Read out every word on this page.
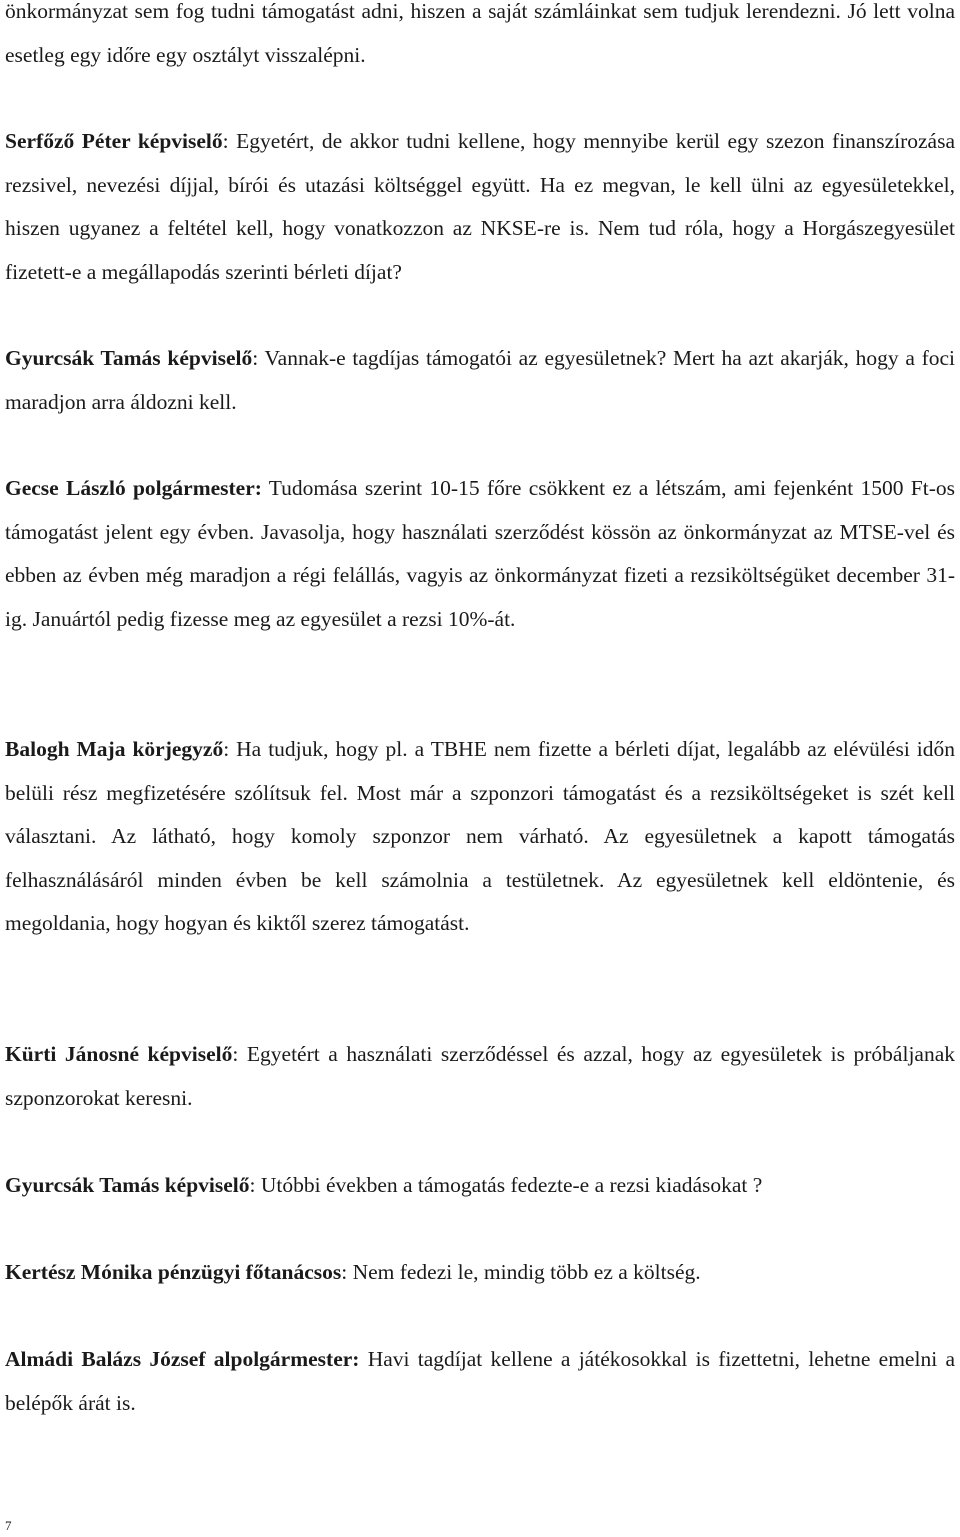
önkormányzat sem fog tudni támogatást adni, hiszen a saját számláinkat sem tudjuk lerendezni. Jó lett volna esetleg egy időre egy osztályt visszalépni.

Serfőző Péter képviselő: Egyetért, de akkor tudni kellene, hogy mennyibe kerül egy szezon finanszírozása rezsivel, nevezési díjjal, bírói és utazási költséggel együtt. Ha ez megvan, le kell ülni az egyesületekkel, hiszen ugyanez a feltétel kell, hogy vonatkozzon az NKSE-re is. Nem tud róla, hogy a Horgászegyesület fizetett-e a megállapodás szerinti bérleti díjat?

Gyurcsák Tamás képviselő: Vannak-e tagdíjas támogatói az egyesületnek? Mert ha azt akarják, hogy a foci maradjon arra áldozni kell.

Gecse László polgármester: Tudomása szerint 10-15 főre csökkent ez a létszám, ami fejenként 1500 Ft-os támogatást jelent egy évben. Javasolja, hogy használati szerződést kössön az önkormányzat az MTSE-vel és ebben az évben még maradjon a régi felállás, vagyis az önkormányzat fizeti a rezsiköltségüket december 31-ig. Januártól pedig fizesse meg az egyesület a rezsi 10%-át.

Balogh Maja körjegyző: Ha tudjuk, hogy pl. a TBHE nem fizette a bérleti díjat, legalább az elévülési időn belüli rész megfizetésére szólítsuk fel. Most már a szponzori támogatást és a rezsiköltségeket is szét kell választani. Az látható, hogy komoly szponzor nem várható. Az egyesületnek a kapott támogatás felhasználásáról minden évben be kell számolnia a testületnek. Az egyesületnek kell eldöntenie, és megoldania, hogy hogyan és kiktől szerez támogatást.

Kürti Jánosné képviselő: Egyetért a használati szerződéssel és azzal, hogy az egyesületek is próbáljanak szponzorokat keresni.

Gyurcsák Tamás képviselő: Utóbbi években a támogatás fedezte-e a rezsi kiadásokat ?

Kertész Mónika pénzügyi főtanácsos: Nem fedezi le, mindig több ez a költség.

Almádi Balázs József alpolgármester: Havi tagdíjat kellene a játékosokkal is fizettetni, lehetne emelni a belépők árát is.

7
